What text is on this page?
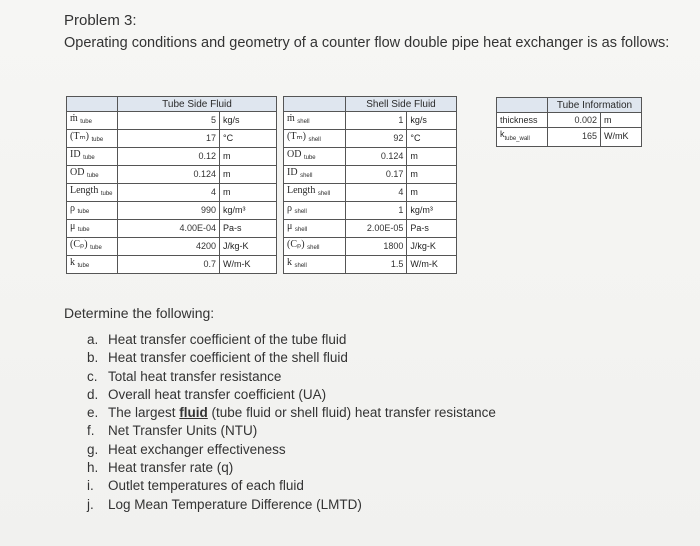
Problem 3:
Operating conditions and geometry of a counter flow double pipe heat exchanger is as follows:
	Tube Side Fluid	
ṁ $_{tube}$	5	kg/s
(Tₘ) $_{tube}$	17	°C
ID $_{tube}$	0.12	m
OD $_{tube}$	0.124	m
Length $_{tube}$	4	m
ρ $_{tube}$	990	kg/m³
μ $_{tube}$	4.00E-04	Pa-s
(Cₚ) $_{tube}$	4200	J/kg-K
k $_{tube}$	0.7	W/m-K
	Shell Side Fluid	
ṁ $_{shell}$	1	kg/s
(Tₘ) $_{shell}$	92	°C
OD $_{tube}$	0.124	m
ID $_{shell}$	0.17	m
Length $_{shell}$	4	m
ρ $_{shell}$	1	kg/m³
μ $_{shell}$	2.00E-05	Pa-s
(Cₚ) $_{shell}$	1800	J/kg-K
k $_{shell}$	1.5	W/m-K
	Tube Information	
thickness	0.002	m
$k_{tube\_wall}$	165	W/mK
Determine the following:
a. Heat transfer coefficient of the tube fluid
b. Heat transfer coefficient of the shell fluid
c. Total heat transfer resistance
d. Overall heat transfer coefficient (UA)
e. The largest fluid (tube fluid or shell fluid) heat transfer resistance
f. Net Transfer Units (NTU)
g. Heat exchanger effectiveness
h. Heat transfer rate (q)
i. Outlet temperatures of each fluid
j. Log Mean Temperature Difference (LMTD)
